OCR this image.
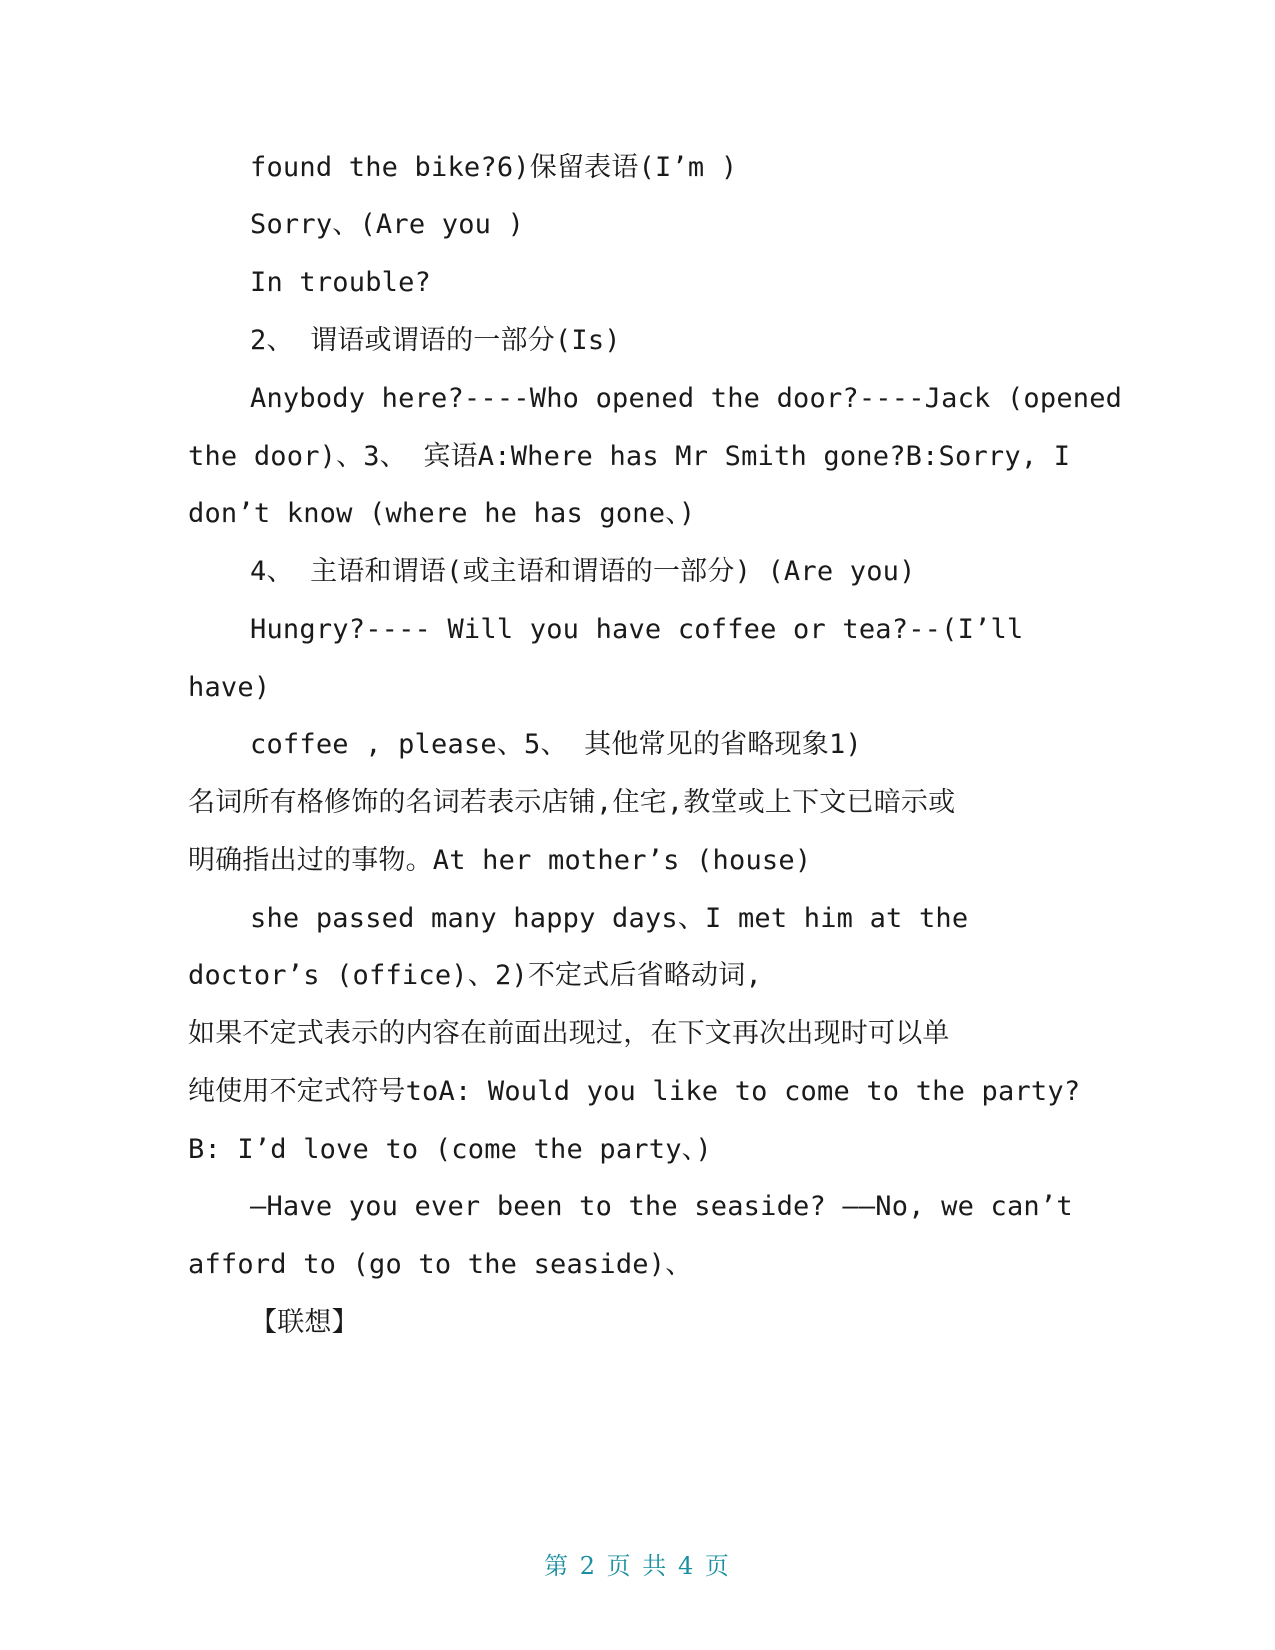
found the bike?6)保留表语(I’m )
Sorry、(Are you )
In trouble?
2、 谓语或谓语的一部分(Is)
Anybody here?----Who opened the door?----Jack (opened
the door)、3、 宾语A:Where has Mr Smith gone?B:Sorry, I
don’t know (where he has gone、)
4、 主语和谓语(或主语和谓语的一部分) (Are you)
Hungry?---- Will you have coffee or tea?--(I’ll
have)
coffee , please、5、 其他常见的省略现象1)
名词所有格修饰的名词若表示店铺,住宅,教堂或上下文已暗示或
明确指出过的事物。At her mother’s (house)
she passed many happy days、I met him at the
doctor’s (office)、2)不定式后省略动词,
如果不定式表示的内容在前面出现过，在下文再次出现时可以单
纯使用不定式符号toA: Would you like to come to the party?
B: I’d love to (come the party、)
–Have you ever been to the seaside? ––No, we can’t
afford to (go to the seaside)、
【联想】
第 2 页 共 4 页
